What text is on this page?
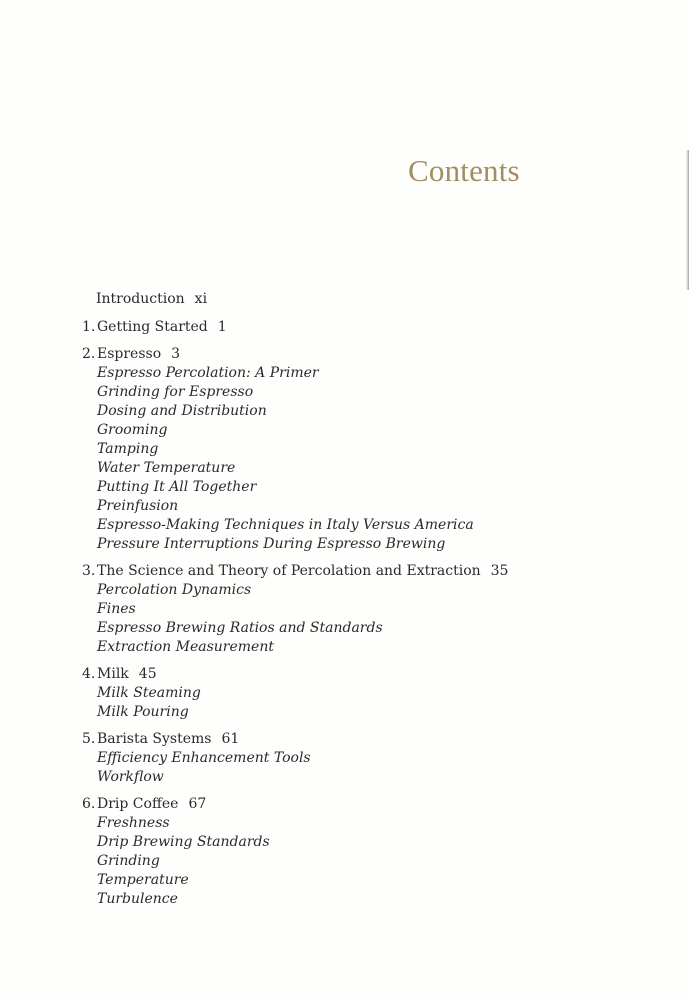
Contents
Introduction xi
1. Getting Started 1
2. Espresso 3
Espresso Percolation: A Primer
Grinding for Espresso
Dosing and Distribution
Grooming
Tamping
Water Temperature
Putting It All Together
Preinfusion
Espresso-Making Techniques in Italy Versus America
Pressure Interruptions During Espresso Brewing
3. The Science and Theory of Percolation and Extraction 35
Percolation Dynamics
Fines
Espresso Brewing Ratios and Standards
Extraction Measurement
4. Milk 45
Milk Steaming
Milk Pouring
5. Barista Systems 61
Efficiency Enhancement Tools
Workflow
6. Drip Coffee 67
Freshness
Drip Brewing Standards
Grinding
Temperature
Turbulence
